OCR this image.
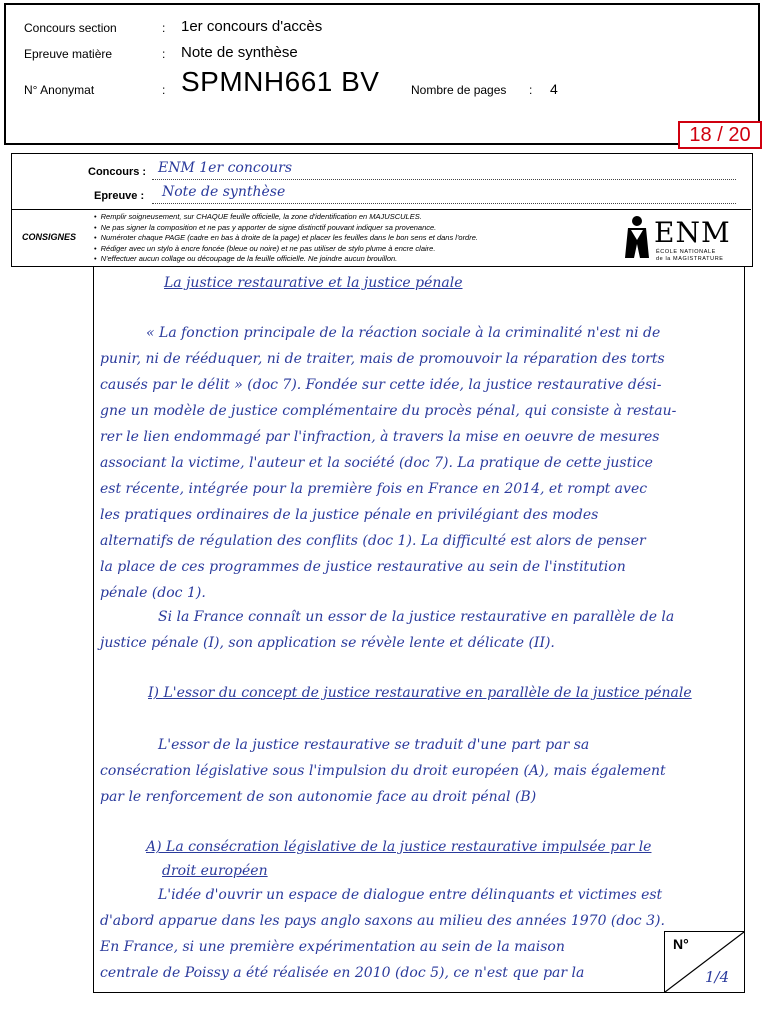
Concours section	: 1er concours d'accès
Epreuve matière	: Note de synthèse
N° Anonymat	: SPMNH661 BV	Nombre de pages : 4
18 / 20
Concours : ENM 1er concours
Epreuve : Note de synthèse
CONSIGNES
• Remplir soigneusement, sur CHAQUE feuille officielle, la zone d'identification en MAJUSCULES.
• Ne pas signer la composition et ne pas y apporter de signe distinctif pouvant indiquer sa provenance.
• Numéroter chaque PAGE (cadre en bas à droite de la page) et placer les feuilles dans le bon sens et dans l'ordre.
• Rédiger avec un stylo à encre foncée (bleue ou noire) et ne pas utiliser de stylo plume à encre claire.
• N'effectuer aucun collage ou découpage de la feuille officielle. Ne joindre aucun brouillon.
ENM
ÉCOLE NATIONALE
de la MAGISTRATURE
La justice restaurative et la justice pénale
« La fonction principale de la réaction sociale à la criminalité n'est ni de
punir, ni de rééduquer, ni de traiter, mais de promouvoir la réparation des torts
causés par le délit » (doc 7). Fondée sur cette idée, la justice restaurative dési-
gne un modèle de justice complémentaire du procès pénal, qui consiste à restau-
rer le lien endommagé par l'infraction, à travers la mise en oeuvre de mesures
associant la victime, l'auteur et la société (doc 7). La pratique de cette justice
est récente, intégrée pour la première fois en France en 2014, et rompt avec
les pratiques ordinaires de la justice pénale en privilégiant des modes
alternatifs de régulation des conflits (doc 1). La difficulté est alors de penser
la place de ces programmes de justice restaurative au sein de l'institution
pénale (doc 1).
Si la France connaît un essor de la justice restaurative en parallèle de la
justice pénale (I), son application se révèle lente et délicate (II).
I) L'essor du concept de justice restaurative en parallèle de la justice pénale
L'essor de la justice restaurative se traduit d'une part par sa
consécration législative sous l'impulsion du droit européen (A), mais également
par le renforcement de son autonomie face au droit pénal (B)
A) La consécration législative de la justice restaurative impulsée par le
droit européen
L'idée d'ouvrir un espace de dialogue entre délinquants et victimes est
d'abord apparue dans les pays anglo saxons au milieu des années 1970 (doc 3).
En France, si une première expérimentation au sein de la maison
centrale de Poissy a été réalisée en 2010 (doc 5), ce n'est que par la
N°
1/4
